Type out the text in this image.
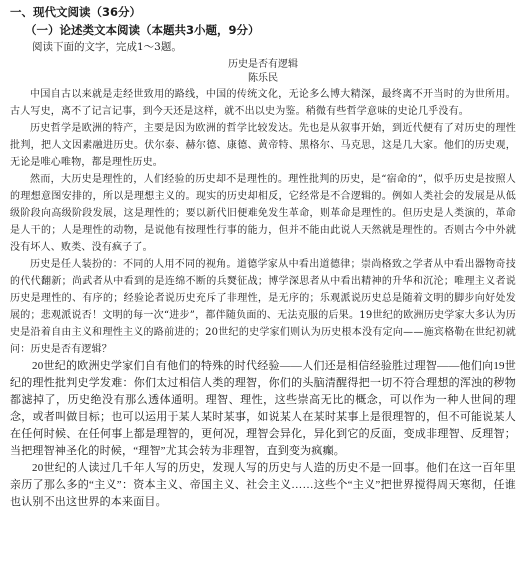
一、现代文阅读（36分）
（一）论述类文本阅读（本题共3小题，9分）
阅读下面的文字，完成1～3题。
历史是否有逻辑
陈乐民

中国自古以来就是走经世致用的路线，中国的传统文化，无论多么博大精深，最终离不开当时的为世所用。古人写史，离不了记言记事，到今天还是这样，就不出以史为鉴。稍微有些哲学意味的史论几乎没有。

历史哲学是欧洲的特产，主要是因为欧洲的哲学比较发达。先也是从叙事开始，到近代便有了对历史的理性批判，把人文因素融进历史。伏尔泰、赫尔德、康德、黄帝特、黑格尔、马克思，这是几大家。他们的历史观，无论是唯心唯物，都是理性历史。

然而，大历史是理性的，人们经验的历史却不是理性的。理性批判的历史，是“宿命的”，似乎历史是按照人的理想意图安排的，所以是理想主义的。现实的历史却相反，它经常是不合逻辑的。例如人类社会的发展是从低级阶段向高级阶段发展，这是理性的；要以新代旧便难免发生革命，则革命是理性的。但历史是人类演的，革命是人干的；人是理性的动物，是说他有按理性行事的能力，但并不能由此说人天然就是理性的。否则古今中外就没有坏人、败类、没有疯子了。

历史是任人装扮的：不同的人用不同的视角。道德学家从中看出道德律；崇尚格致之学者从中看出器物奇技的代代翻新；尚武者从中看到的是连绵不断的兵燹征战；博学深思者从中看出精神的升华和沉沦；唯理主义者说历史是理性的、有序的；经验论者说历史充斥了非理性，是无序的；乐观派说历史总是随着文明的脚步向好处发展的；悲观派说否！文明的每一次“进步”，都伴随负面的、无法克服的后果。19世纪的欧洲历史学家大多认为历史是沿着自由主义和理性主义的路前进的；20世纪的史学家们则认为历史根本没有定向——施宾格勒在世纪初就问：历史是否有逻辑？

20世纪的欧洲史学家们自有他们的特殊的时代经验——人们还是相信经验胜过理智——他们向19世纪的理性批判史学发难：你们太过相信人类的理智，你们的头脑清醒得把一切不符合理想的浑浊的秽物都滤掉了，历史绝没有那么透体通明。理智、理性，这些崇高无比的概念，可以作为一种人世间的理念，或者叫做目标；也可以运用于某人某时某事，如说某人在某时某事上是很理智的，但不可能说某人在任何时候、在任何事上都是理智的，更何况，理智会异化，异化到它的反面，变成非理智、反理智；当把理智神圣化的时候，“理智”尤其会转为非理智，直到变为疯癫。

20世纪的人读过几千年人写的历史，发现人写的历史与人造的历史不是一回事。他们在这一百年里亲历了那么多的“主义”：资本主义、帝国主义、社会主义……这些个“主义”把世界搅得周天寒彻，任谁也认别不出这世界的本来面目。
